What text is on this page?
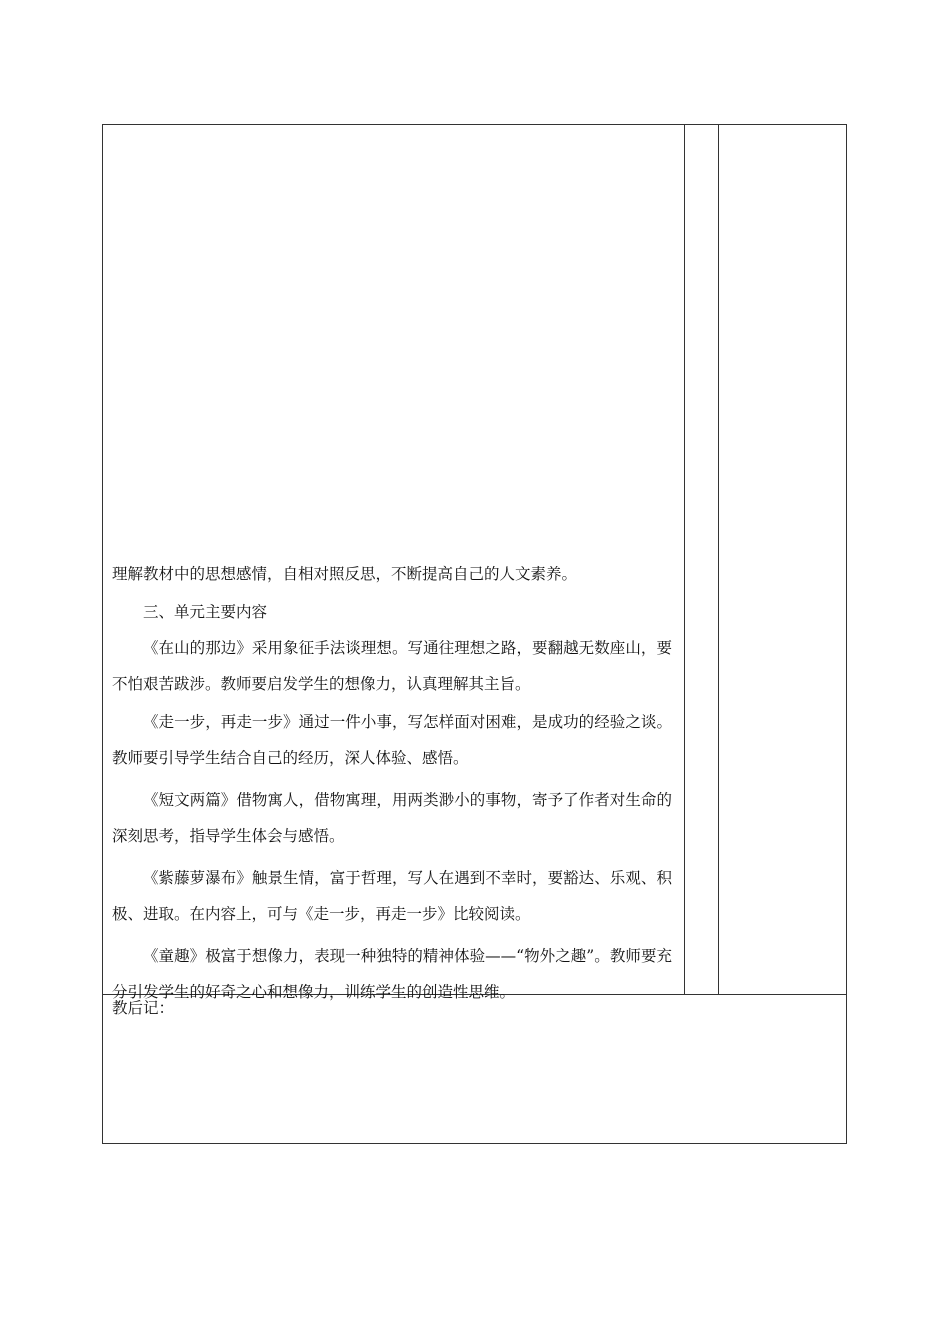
理解教材中的思想感情，自相对照反思，不断提高自己的人文素养。

三、单元主要内容

《在山的那边》采用象征手法谈理想。写通往理想之路，要翻越无数座山，要不怕艰苦跋涉。教师要启发学生的想像力，认真理解其主旨。

《走一步，再走一步》通过一件小事，写怎样面对困难，是成功的经验之谈。教师要引导学生结合自己的经历，深人体验、感悟。

《短文两篇》借物寓人，借物寓理，用两类渺小的事物，寄予了作者对生命的深刻思考，指导学生体会与感悟。

《紫藤萝瀑布》触景生情，富于哲理，写人在遇到不幸时，要豁达、乐观、积极、进取。在内容上，可与《走一步，再走一步》比较阅读。

《童趣》极富于想像力，表现一种独特的精神体验——“物外之趣”。教师要充分引发学生的好奇之心和想像力，训练学生的创造性思维。

教后记：
